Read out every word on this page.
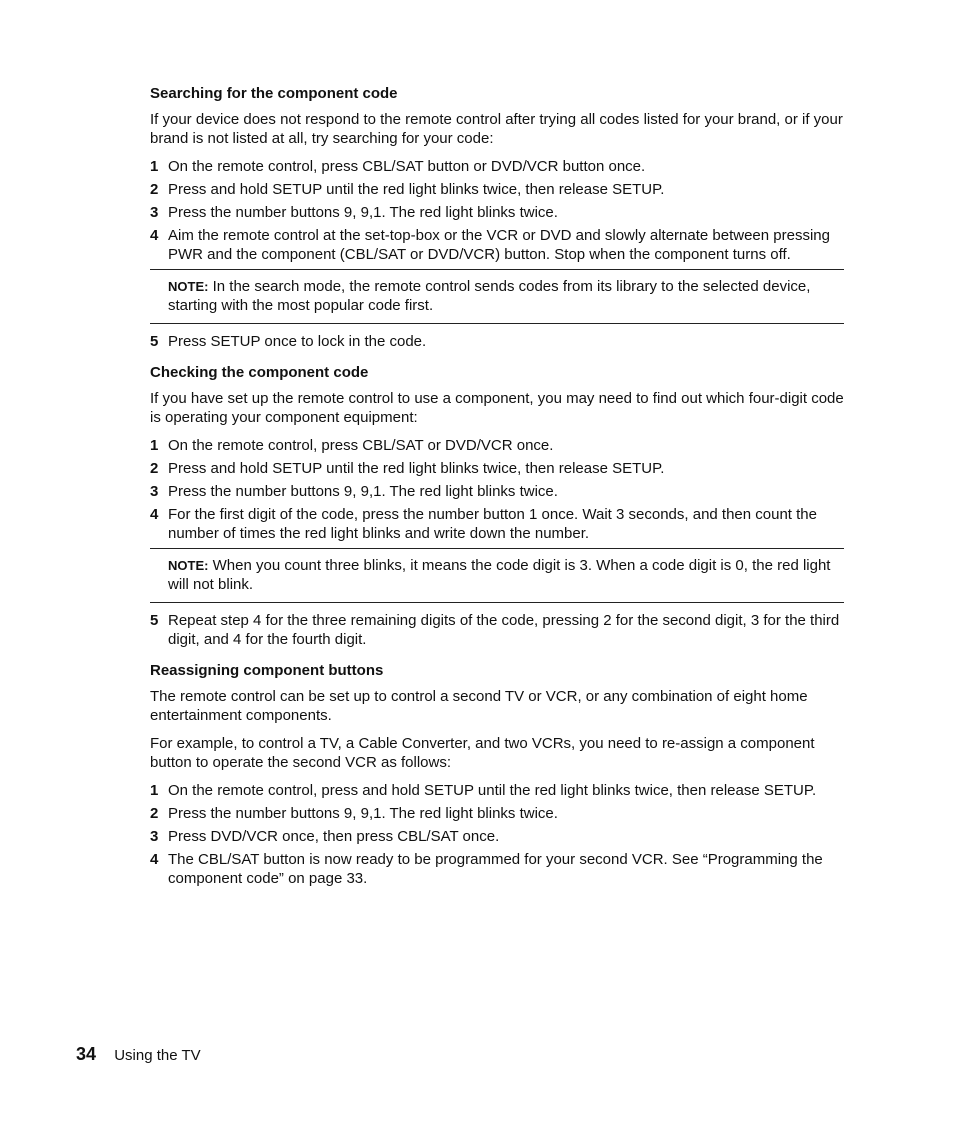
Searching for the component code

If your device does not respond to the remote control after trying all codes listed for your brand, or if your brand is not listed at all, try searching for your code:

1 On the remote control, press CBL/SAT button or DVD/VCR button once.
2 Press and hold SETUP until the red light blinks twice, then release SETUP.
3 Press the number buttons 9, 9,1. The red light blinks twice.
4 Aim the remote control at the set-top-box or the VCR or DVD and slowly alternate between pressing PWR and the component (CBL/SAT or DVD/VCR) button. Stop when the component turns off.
NOTE: In the search mode, the remote control sends codes from its library to the selected device, starting with the most popular code first.
5 Press SETUP once to lock in the code.
Checking the component code

If you have set up the remote control to use a component, you may need to find out which four-digit code is operating your component equipment:

1 On the remote control, press CBL/SAT or DVD/VCR once.
2 Press and hold SETUP until the red light blinks twice, then release SETUP.
3 Press the number buttons 9, 9,1. The red light blinks twice.
4 For the first digit of the code, press the number button 1 once. Wait 3 seconds, and then count the number of times the red light blinks and write down the number.
NOTE: When you count three blinks, it means the code digit is 3. When a code digit is 0, the red light will not blink.
5 Repeat step 4 for the three remaining digits of the code, pressing 2 for the second digit, 3 for the third digit, and 4 for the fourth digit.
Reassigning component buttons

The remote control can be set up to control a second TV or VCR, or any combination of eight home entertainment components.

For example, to control a TV, a Cable Converter, and two VCRs, you need to re-assign a component button to operate the second VCR as follows:

1 On the remote control, press and hold SETUP until the red light blinks twice, then release SETUP.
2 Press the number buttons 9, 9,1. The red light blinks twice.
3 Press DVD/VCR once, then press CBL/SAT once.
4 The CBL/SAT button is now ready to be programmed for your second VCR. See “Programming the component code” on page 33.
34 Using the TV
